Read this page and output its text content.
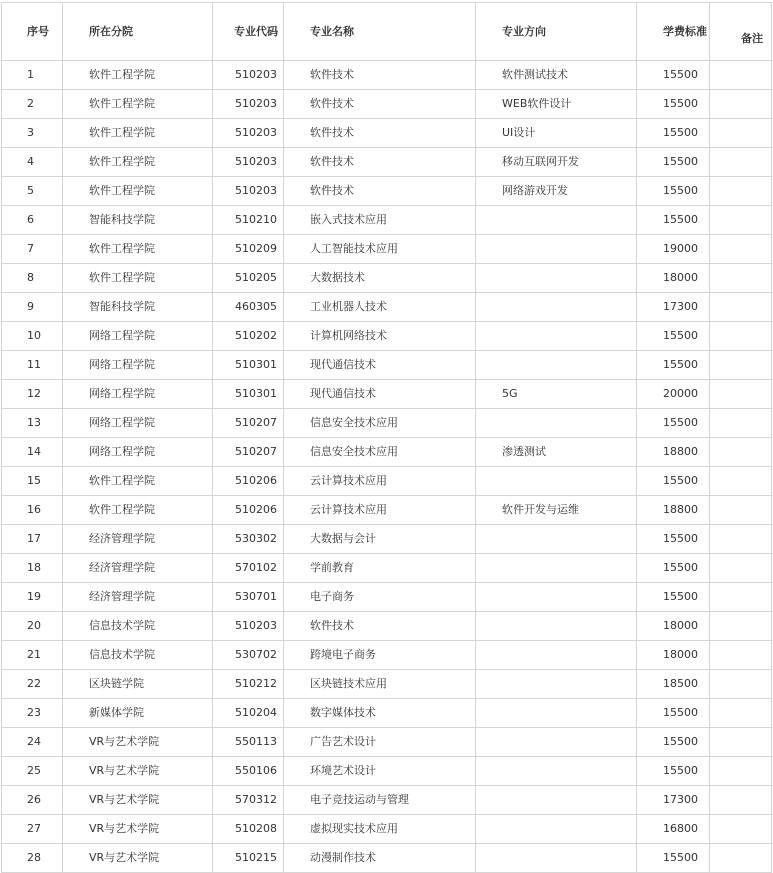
序号	所在分院	专业代码	专业名称	专业方向	学费标准	备注
1	软件工程学院	510203	软件技术	软件测试技术	15500	
2	软件工程学院	510203	软件技术	WEB软件设计	15500	
3	软件工程学院	510203	软件技术	UI设计	15500	
4	软件工程学院	510203	软件技术	移动互联网开发	15500	
5	软件工程学院	510203	软件技术	网络游戏开发	15500	
6	智能科技学院	510210	嵌入式技术应用		15500	
7	软件工程学院	510209	人工智能技术应用		19000	
8	软件工程学院	510205	大数据技术		18000	
9	智能科技学院	460305	工业机器人技术		17300	
10	网络工程学院	510202	计算机网络技术		15500	
11	网络工程学院	510301	现代通信技术		15500	
12	网络工程学院	510301	现代通信技术	5G	20000	
13	网络工程学院	510207	信息安全技术应用		15500	
14	网络工程学院	510207	信息安全技术应用	渗透测试	18800	
15	软件工程学院	510206	云计算技术应用		15500	
16	软件工程学院	510206	云计算技术应用	软件开发与运维	18800	
17	经济管理学院	530302	大数据与会计		15500	
18	经济管理学院	570102	学前教育		15500	
19	经济管理学院	530701	电子商务		15500	
20	信息技术学院	510203	软件技术		18000	
21	信息技术学院	530702	跨境电子商务		18000	
22	区块链学院	510212	区块链技术应用		18500	
23	新媒体学院	510204	数字媒体技术		15500	
24	VR与艺术学院	550113	广告艺术设计		15500	
25	VR与艺术学院	550106	环境艺术设计		15500	
26	VR与艺术学院	570312	电子竞技运动与管理		17300	
27	VR与艺术学院	510208	虚拟现实技术应用		16800	
28	VR与艺术学院	510215	动漫制作技术		15500	
